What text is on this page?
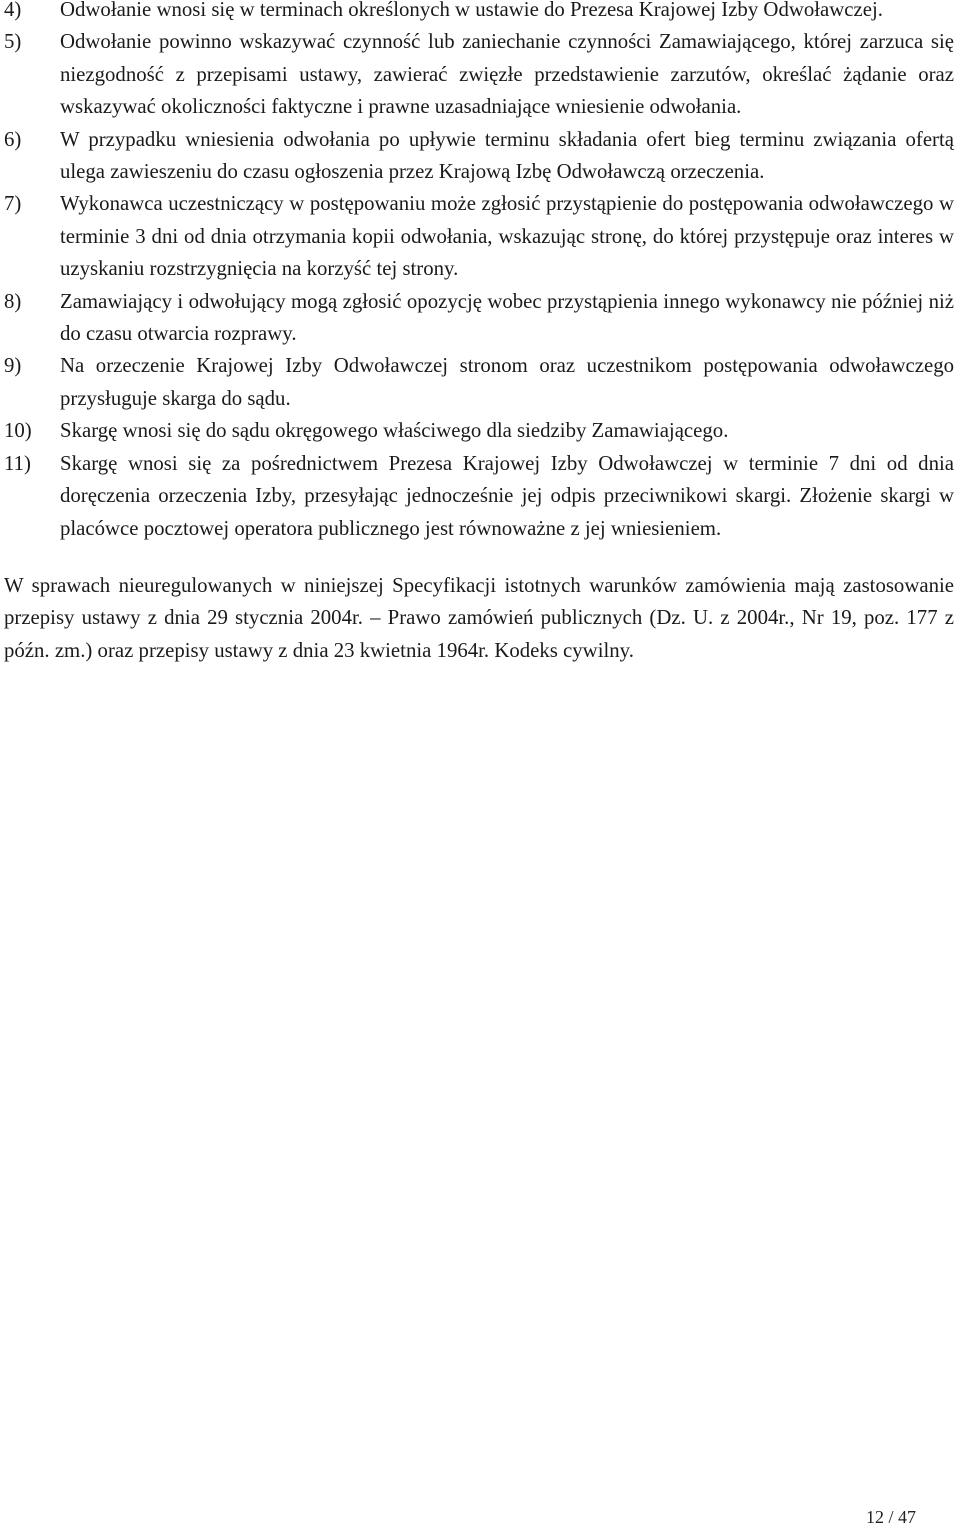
4)	Odwołanie wnosi się w terminach określonych w ustawie do Prezesa Krajowej Izby Odwoławczej.
5)	Odwołanie powinno wskazywać czynność lub zaniechanie czynności Zamawiającego, której zarzuca się niezgodność z przepisami ustawy, zawierać zwięzłe przedstawienie zarzutów, określać żądanie oraz wskazywać okoliczności faktyczne i prawne uzasadniające wniesienie odwołania.
6)	W przypadku wniesienia odwołania po upływie terminu składania ofert bieg terminu związania ofertą ulega zawieszeniu do czasu ogłoszenia przez Krajową Izbę Odwoławczą orzeczenia.
7)	Wykonawca uczestniczący w postępowaniu może zgłosić przystąpienie do postępowania odwoławczego w terminie 3 dni od dnia otrzymania kopii odwołania, wskazując stronę, do której przystępuje oraz interes w uzyskaniu rozstrzygnięcia na korzyść tej strony.
8)	Zamawiający i odwołujący mogą zgłosić opozycję wobec przystąpienia innego wykonawcy nie później niż do czasu otwarcia rozprawy.
9)	Na orzeczenie Krajowej Izby Odwoławczej stronom oraz uczestnikom postępowania odwoławczego przysługuje skarga do sądu.
10)	Skargę wnosi się do sądu okręgowego właściwego dla siedziby Zamawiającego.
11)	Skargę wnosi się za pośrednictwem Prezesa Krajowej Izby Odwoławczej w terminie 7 dni od dnia doręczenia orzeczenia Izby, przesyłając jednocześnie jej odpis przeciwnikowi skargi. Złożenie skargi w placówce pocztowej operatora publicznego jest równoważne z jej wniesieniem.

W sprawach nieuregulowanych w niniejszej Specyfikacji istotnych warunków zamówienia mają zastosowanie przepisy ustawy z dnia 29 stycznia 2004r. – Prawo zamówień publicznych (Dz. U. z 2004r., Nr 19, poz. 177 z późn. zm.) oraz przepisy ustawy z dnia 23 kwietnia 1964r. Kodeks cywilny.

12 / 47
